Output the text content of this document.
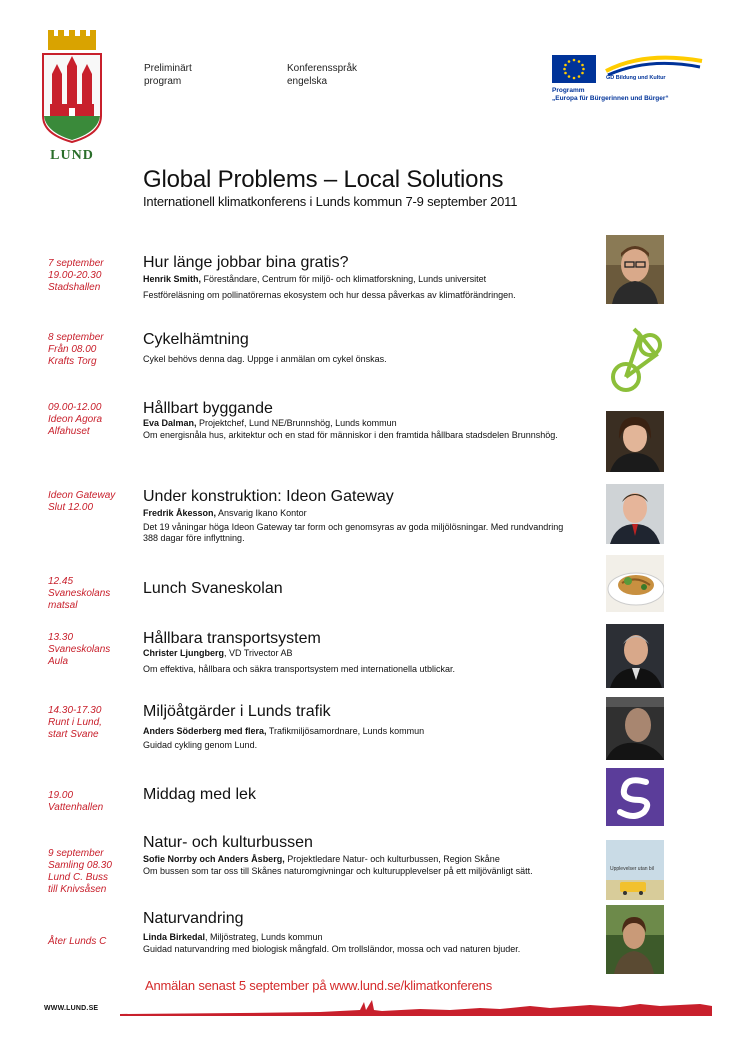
LUND
Preliminärt
program
Konferensspråk
engelska	GD Bildung und Kultur
Programm
„Europa für Bürgerinnen und Bürger“
Global Problems – Local Solutions
Internationell klimatkonferens i Lunds kommun 7-9 september 2011
7 september
19.00-20.30
Stadshallen
Hur länge jobbar bina gratis?
Henrik Smith, Föreståndare, Centrum för miljö- och klimatforskning, Lunds universitet
Festföreläsning om pollinatörernas ekosystem och hur dessa påverkas av klimatförändringen.
8 september
Från 08.00
Krafts Torg
Cykelhämtning
Cykel behövs denna dag. Uppge i anmälan om cykel önskas.
09.00-12.00
Ideon Agora
Alfahuset
Hållbart byggande
Eva Dalman, Projektchef, Lund NE/Brunnshög, Lunds kommun
Om energisnåla hus, arkitektur och en stad för människor i den framtida hållbara stadsdelen Brunnshög.
Ideon Gateway
Slut 12.00
Under konstruktion: Ideon Gateway
Fredrik Åkesson, Ansvarig Ikano Kontor
Det 19 våningar höga Ideon Gateway tar form och genomsyras av goda miljölösningar. Med rundvandring 388 dagar före inflyttning.
12.45
Svaneskolans
matsal
Lunch Svaneskolan
13.30
Svaneskolans
Aula
Hållbara transportsystem
Christer Ljungberg, VD Trivector AB
Om effektiva, hållbara och säkra transportsystem med internationella utblickar.
14.30-17.30
Runt i Lund,
start Svane
Miljöåtgärder i Lunds trafik
Anders Söderberg med flera, Trafikmiljösamordnare, Lunds kommun
Guidad cykling genom Lund.
19.00
Vattenhallen
Middag med lek
9 september
Samling 08.30
Lund C. Buss
till Knivsåsen
Natur- och kulturbussen
Sofie Norrby och Anders Åsberg, Projektledare Natur- och kulturbussen, Region Skåne
Om bussen som tar oss till Skånes naturomgivningar och kulturupplevelser på ett miljövänligt sätt.	Upplevelser utan bil
Åter Lunds C
Naturvandring
Linda Birkedal, Miljöstrateg, Lunds kommun
Guidad naturvandring med biologisk mångfald. Om trollsländor, mossa och vad naturen bjuder.
Anmälan senast 5 september på www.lund.se/klimatkonferens
WWW.LUND.SE
